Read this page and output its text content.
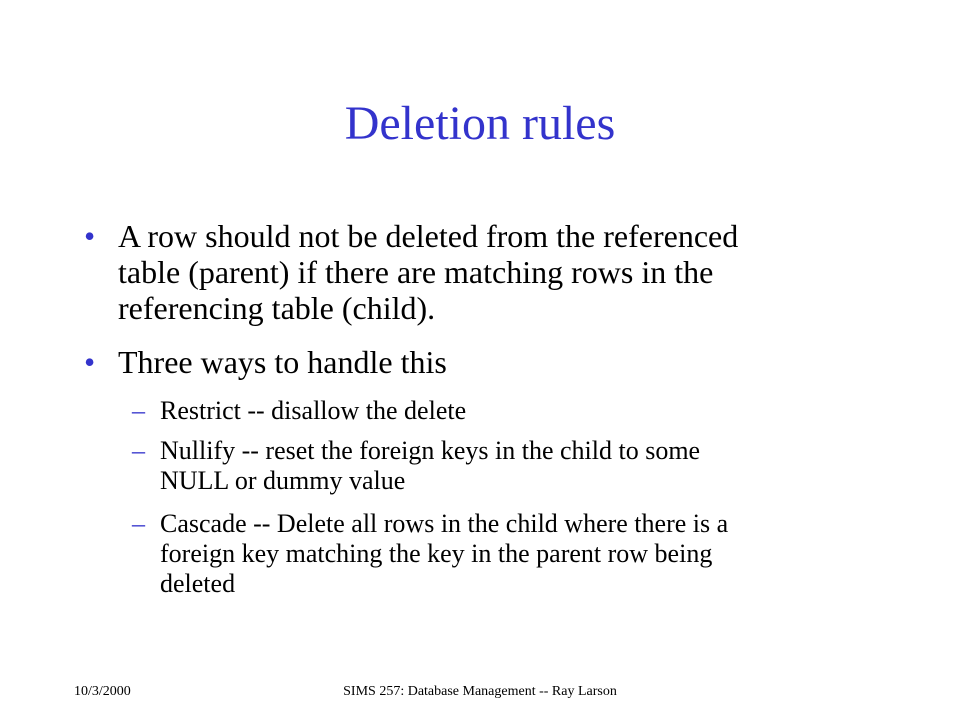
Deletion rules
• A row should not be deleted from the referenced
table (parent) if there are matching rows in the
referencing table (child).
• Three ways to handle this
– Restrict -- disallow the delete
– Nullify -- reset the foreign keys in the child to some
NULL or dummy value
– Cascade -- Delete all rows in the child where there is a
foreign key matching the key in the parent row being
deleted
10/3/2000	SIMS 257: Database Management -- Ray Larson
